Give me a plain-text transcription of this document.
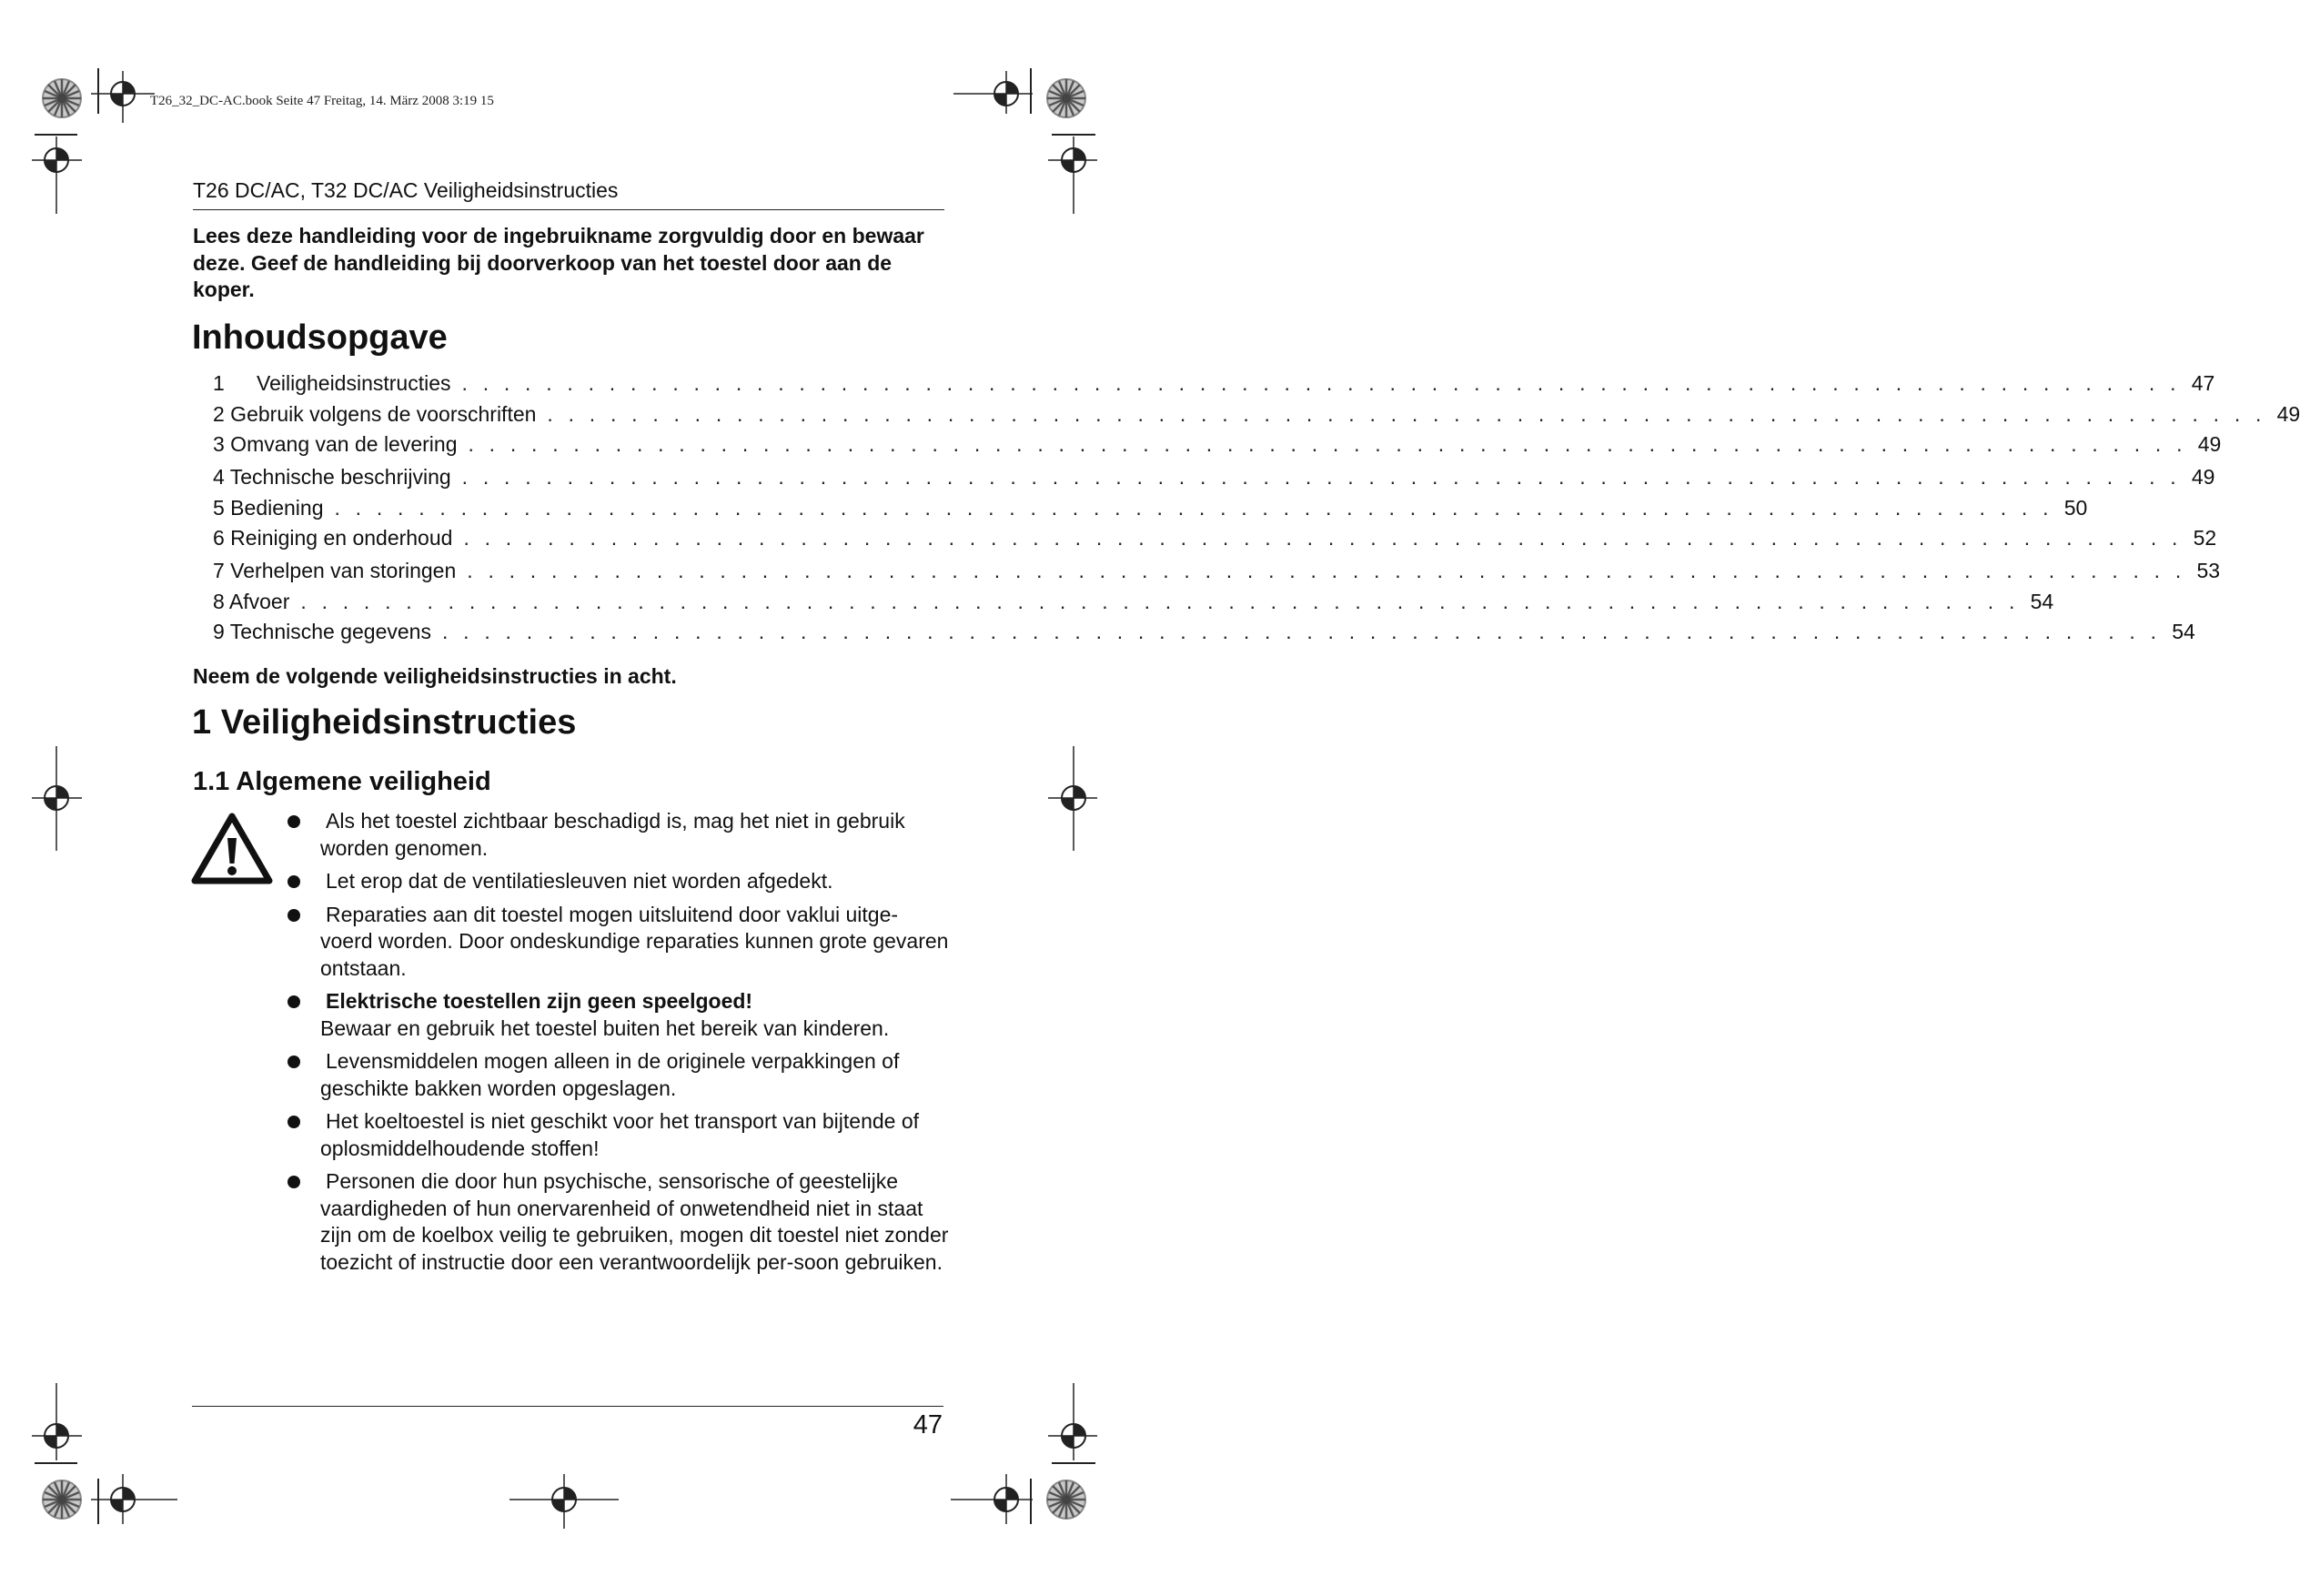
T26_32_DC-AC.book Seite 47 Freitag, 14. März 2008 3:19 15
T26 DC/AC, T32 DC/AC Veiligheidsinstructies
Lees deze handleiding voor de ingebruikname zorgvuldig door en bewaar deze. Geef de handleiding bij doorverkoop van het toestel door aan de koper.
Inhoudsopgave
1 Veiligheidsinstructies . . . . . . . . . . . . . . . . . . . . . . . . . . . . . . . . . . . . . . . . . . . . . . . . . . . . . . . . . . . . . . . . . . . . . . . . . . . . . . . . . . 47
2 Gebruik volgens de voorschriften . . . . . . . . . . . . . . . . . . . . . . . . . . . . . . . . . . . . . . . . . . . . . . . . . . . . . . . . . . . . . . . . . . . . . . . . . . . . . . . . . . 49
3 Omvang van de levering . . . . . . . . . . . . . . . . . . . . . . . . . . . . . . . . . . . . . . . . . . . . . . . . . . . . . . . . . . . . . . . . . . . . . . . . . . . . . . . . . . 49
4 Technische beschrijving . . . . . . . . . . . . . . . . . . . . . . . . . . . . . . . . . . . . . . . . . . . . . . . . . . . . . . . . . . . . . . . . . . . . . . . . . . . . . . . . . . 49
5 Bediening . . . . . . . . . . . . . . . . . . . . . . . . . . . . . . . . . . . . . . . . . . . . . . . . . . . . . . . . . . . . . . . . . . . . . . . . . . . . . . . . . . 50
6 Reiniging en onderhoud . . . . . . . . . . . . . . . . . . . . . . . . . . . . . . . . . . . . . . . . . . . . . . . . . . . . . . . . . . . . . . . . . . . . . . . . . . . . . . . . . . 52
7 Verhelpen van storingen . . . . . . . . . . . . . . . . . . . . . . . . . . . . . . . . . . . . . . . . . . . . . . . . . . . . . . . . . . . . . . . . . . . . . . . . . . . . . . . . . . 53
8 Afvoer . . . . . . . . . . . . . . . . . . . . . . . . . . . . . . . . . . . . . . . . . . . . . . . . . . . . . . . . . . . . . . . . . . . . . . . . . . . . . . . . . . 54
9 Technische gegevens . . . . . . . . . . . . . . . . . . . . . . . . . . . . . . . . . . . . . . . . . . . . . . . . . . . . . . . . . . . . . . . . . . . . . . . . . . . . . . . . . . 54
Neem de volgende veiligheidsinstructies in acht.
1 Veiligheidsinstructies
1.1 Algemene veiligheid
Als het toestel zichtbaar beschadigd is, mag het niet in gebruik worden genomen.
Let erop dat de ventilatiesleuven niet worden afgedekt.
Reparaties aan dit toestel mogen uitsluitend door vaklui uitge-voerd worden. Door ondeskundige reparaties kunnen grote gevaren ontstaan.
Elektrische toestellen zijn geen speelgoed!
Bewaar en gebruik het toestel buiten het bereik van kinderen.
Levensmiddelen mogen alleen in de originele verpakkingen of geschikte bakken worden opgeslagen.
Het koeltoestel is niet geschikt voor het transport van bijtende of oplosmiddelhoudende stoffen!
Personen die door hun psychische, sensorische of geestelijke vaardigheden of hun onervarenheid of onwetendheid niet in staat zijn om de koelbox veilig te gebruiken, mogen dit toestel niet zonder toezicht of instructie door een verantwoordelijk per-soon gebruiken.
47
